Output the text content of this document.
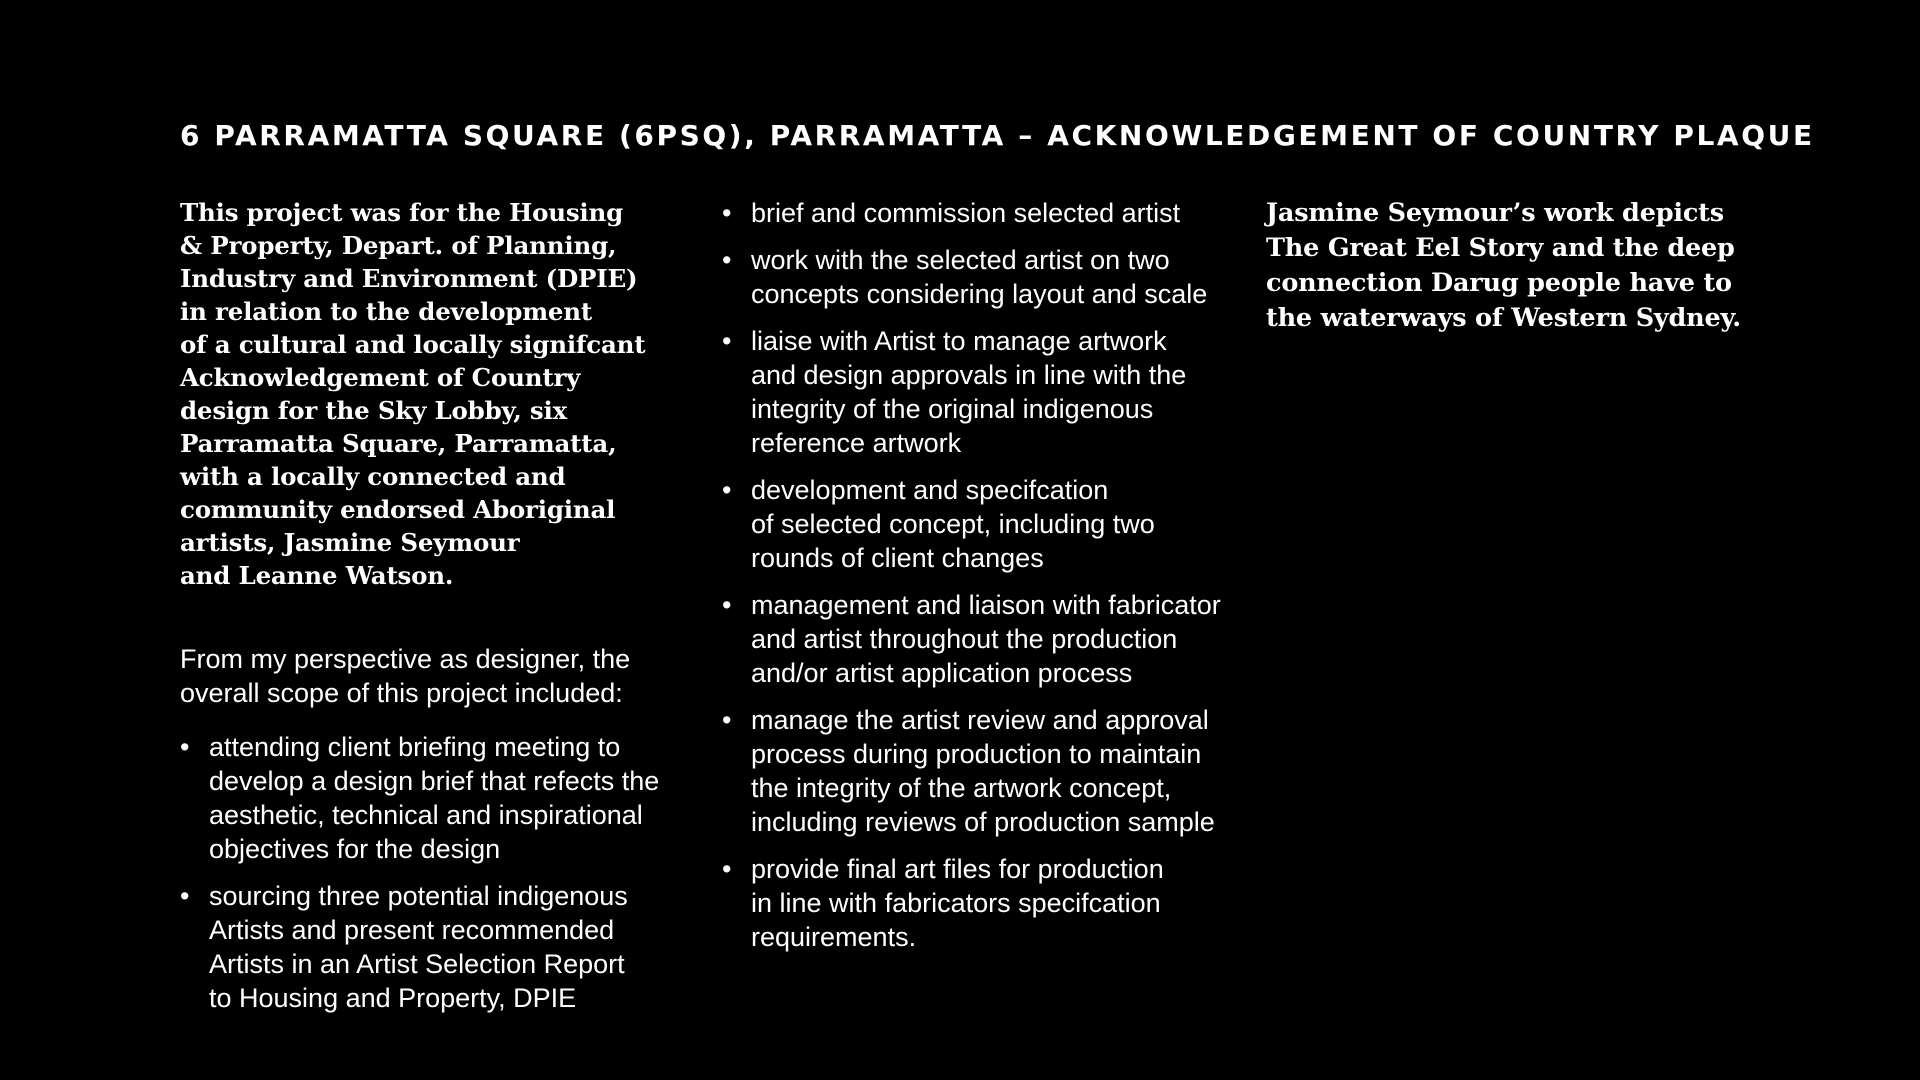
6 PARRAMATTA SQUARE (6PSQ), PARRAMATTA – ACKNOWLEDGEMENT OF COUNTRY PLAQUE

This project was for the Housing
& Property, Depart. of Planning,
Industry and Environment (DPIE)
in relation to the development
of a cultural and locally signifcant
Acknowledgement of Country
design for the Sky Lobby, six
Parramatta Square, Parramatta,
with a locally connected and
community endorsed Aboriginal
artists, Jasmine Seymour
and Leanne Watson.

From my perspective as designer, the
overall scope of this project included:

• attending client briefing meeting to
develop a design brief that refects the
aesthetic, technical and inspirational
objectives for the design
• sourcing three potential indigenous
Artists and present recommended
Artists in an Artist Selection Report
to Housing and Property, DPIE
• brief and commission selected artist
• work with the selected artist on two
concepts considering layout and scale
• liaise with Artist to manage artwork
and design approvals in line with the
integrity of the original indigenous
reference artwork
• development and specifcation
of selected concept, including two
rounds of client changes
• management and liaison with fabricator
and artist throughout the production
and/or artist application process
• manage the artist review and approval
process during production to maintain
the integrity of the artwork concept,
including reviews of production sample
• provide final art files for production
in line with fabricators specifcation
requirements.

Jasmine Seymour’s work depicts
The Great Eel Story and the deep
connection Darug people have to
the waterways of Western Sydney.
